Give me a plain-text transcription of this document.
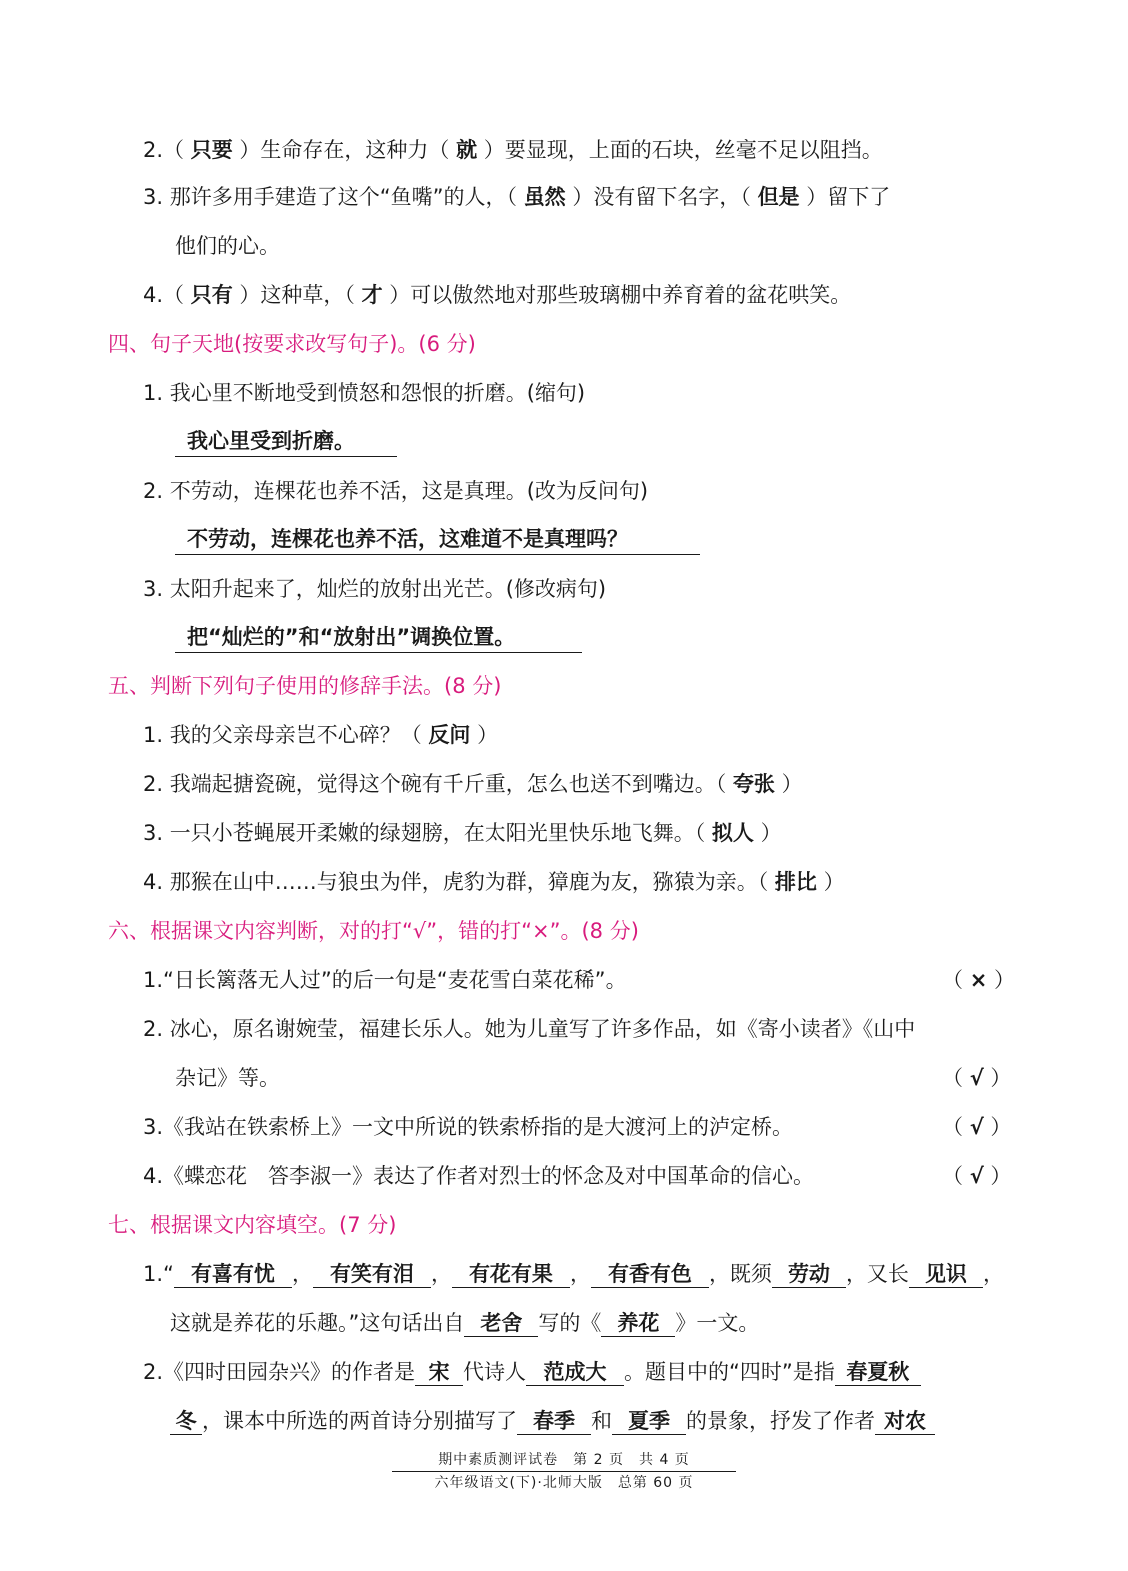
2.（ 只要 ）生命存在，这种力（ 就 ）要显现，上面的石块，丝毫不足以阻挡。
3. 那许多用手建造了这个“鱼嘴”的人，（ 虽然 ）没有留下名字，（ 但是 ）留下了
他们的心。
4.（ 只有 ）这种草，（ 才 ）可以傲然地对那些玻璃棚中养育着的盆花哄笑。
四、句子天地(按要求改写句子)。(6 分)
1. 我心里不断地受到愤怒和怨恨的折磨。(缩句)
我心里受到折磨。
2. 不劳动，连棵花也养不活，这是真理。(改为反问句)
不劳动，连棵花也养不活，这难道不是真理吗？
3. 太阳升起来了，灿烂的放射出光芒。(修改病句)
把“灿烂的”和“放射出”调换位置。
五、判断下列句子使用的修辞手法。(8 分)
1. 我的父亲母亲岂不心碎？（ 反问 ）
2. 我端起搪瓷碗，觉得这个碗有千斤重，怎么也送不到嘴边。（ 夸张 ）
3. 一只小苍蝇展开柔嫩的绿翅膀，在太阳光里快乐地飞舞。（ 拟人 ）
4. 那猴在山中……与狼虫为伴，虎豹为群，獐鹿为友，猕猿为亲。（ 排比 ）
六、根据课文内容判断，对的打“√”，错的打“×”。(8 分)
1.“日长篱落无人过”的后一句是“麦花雪白菜花稀”。	（ × ）
2. 冰心，原名谢婉莹，福建长乐人。她为儿童写了许多作品，如《寄小读者》《山中
杂记》等。	（ √ ）
3.《我站在铁索桥上》一文中所说的铁索桥指的是大渡河上的泸定桥。	（ √ ）
4.《蝶恋花　答李淑一》表达了作者对烈士的怀念及对中国革命的信心。	（ √ ）
七、根据课文内容填空。(7 分)
1.“ 有喜有忧 ， 有笑有泪 ， 有花有果 ， 有香有色 ，既须 劳动 ，又长 见识 ，
这就是养花的乐趣。”这句话出自 老舍 写的《 养花 》一文。
2.《四时田园杂兴》的作者是 宋 代诗人 范成大 。题目中的“四时”是指 春夏秋
冬 ，课本中所选的两首诗分别描写了 春季 和 夏季 的景象，抒发了作者 对农
期中素质测评试卷　第 2 页　共 4 页
六年级语文(下)·北师大版　总第 60 页
